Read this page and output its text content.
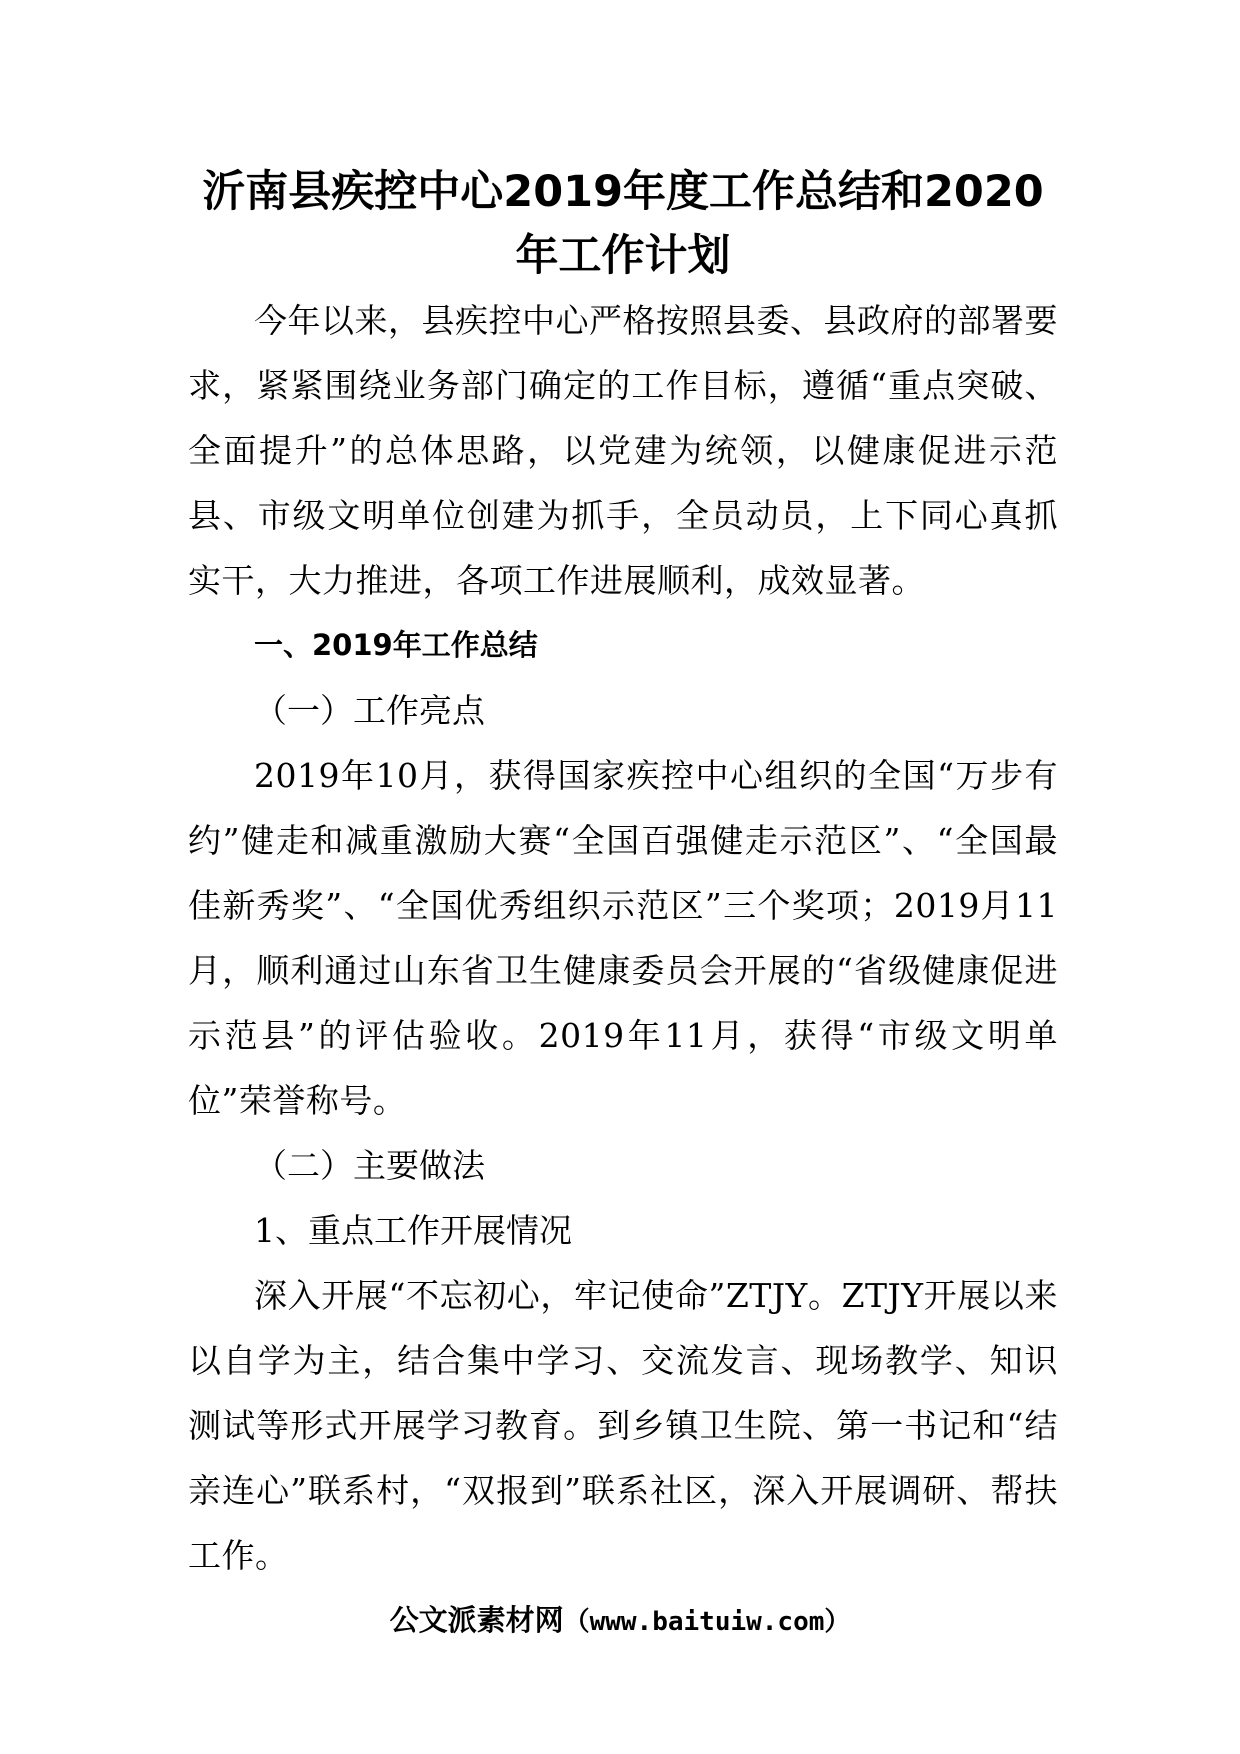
沂南县疾控中心2019年度工作总结和2020年工作计划

今年以来，县疾控中心严格按照县委、县政府的部署要求，紧紧围绕业务部门确定的工作目标，遵循“重点突破、全面提升”的总体思路，以党建为统领，以健康促进示范县、市级文明单位创建为抓手，全员动员，上下同心真抓实干，大力推进，各项工作进展顺利，成效显著。

一、2019年工作总结

（一）工作亮点

2019年10月，获得国家疾控中心组织的全国“万步有约”健走和减重激励大赛“全国百强健走示范区”、“全国最佳新秀奖”、“全国优秀组织示范区”三个奖项；2019月11月，顺利通过山东省卫生健康委员会开展的“省级健康促进示范县”的评估验收。2019年11月，获得“市级文明单位”荣誉称号。

（二）主要做法

1、重点工作开展情况

深入开展“不忘初心，牢记使命”ZTJY。ZTJY开展以来以自学为主，结合集中学习、交流发言、现场教学、知识测试等形式开展学习教育。到乡镇卫生院、第一书记和“结亲连心”联系村，“双报到”联系社区，深入开展调研、帮扶工作。

公文派素材网（www.baituiw.com）
